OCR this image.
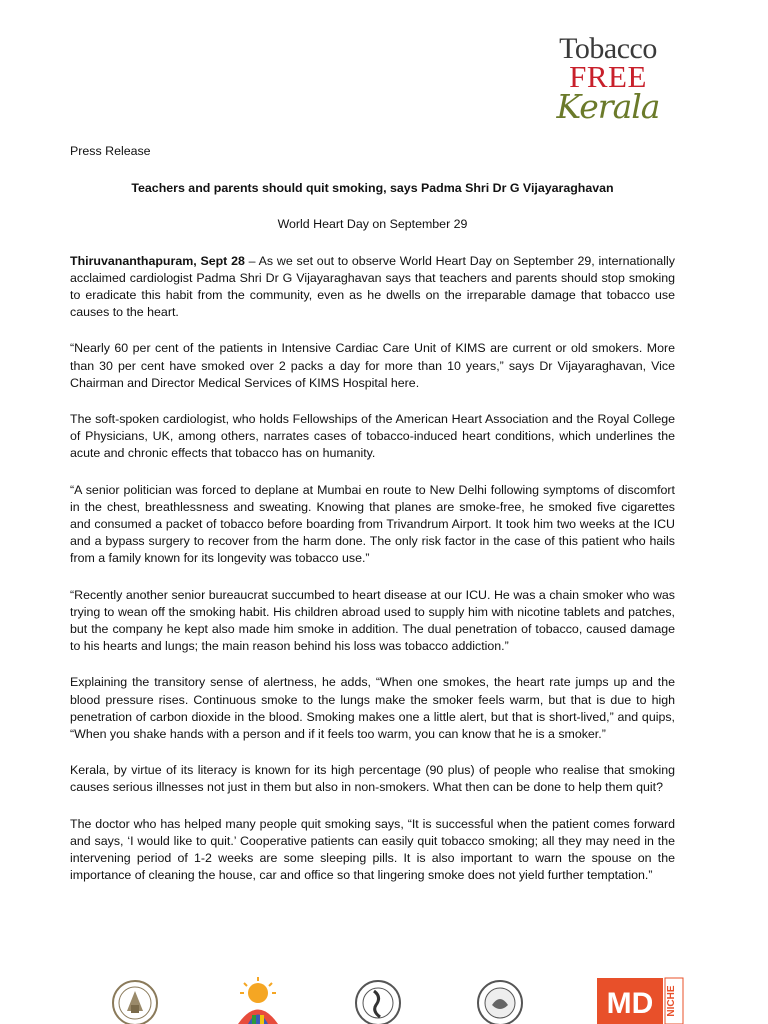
Tobacco
FREE
Kerala

Press Release

Teachers and parents should quit smoking, says Padma Shri Dr G Vijayaraghavan

World Heart Day on September 29

Thiruvananthapuram, Sept 28 – As we set out to observe World Heart Day on September 29, internationally acclaimed cardiologist Padma Shri Dr G Vijayaraghavan says that teachers and parents should stop smoking to eradicate this habit from the community, even as he dwells on the irreparable damage that tobacco use causes to the heart.

“Nearly 60 per cent of the patients in Intensive Cardiac Care Unit of KIMS are current or old smokers. More than 30 per cent have smoked over 2 packs a day for more than 10 years,” says Dr Vijayaraghavan, Vice Chairman and Director Medical Services of KIMS Hospital here.

The soft-spoken cardiologist, who holds Fellowships of the American Heart Association and the Royal College of Physicians, UK, among others, narrates cases of tobacco-induced heart conditions, which underlines the acute and chronic effects that tobacco has on humanity.

“A senior politician was forced to deplane at Mumbai en route to New Delhi following symptoms of discomfort in the chest, breathlessness and sweating. Knowing that planes are smoke-free, he smoked five cigarettes and consumed a packet of tobacco before boarding from Trivandrum Airport. It took him two weeks at the ICU and a bypass surgery to recover from the harm done. The only risk factor in the case of this patient who hails from a family known for its longevity was tobacco use.”

“Recently another senior bureaucrat succumbed to heart disease at our ICU. He was a chain smoker who was trying to wean off the smoking habit. His children abroad used to supply him with nicotine tablets and patches, but the company he kept also made him smoke in addition. The dual penetration of tobacco, caused damage to his hearts and lungs; the main reason behind his loss was tobacco addiction.”

Explaining the transitory sense of alertness, he adds, “When one smokes, the heart rate jumps up and the blood pressure rises. Continuous smoke to the lungs make the smoker feels warm, but that is due to high penetration of carbon dioxide in the blood. Smoking makes one a little alert, but that is short-lived,” and quips, “When you shake hands with a person and if it feels too warm, you can know that he is a smoker.”

Kerala, by virtue of its literacy is known for its high percentage (90 plus) of people who realise that smoking causes serious illnesses not just in them but also in non-smokers. What then can be done to help them quit?

The doctor who has helped many people quit smoking says, “It is successful when the patient comes forward and says, ‘I would like to quit.’ Cooperative patients can easily quit tobacco smoking; all they may need in the intervening period of 1-2 weeks are some sleeping pills. It is also important to warn the spouse on the importance of cleaning the house, car and office so that lingering smoke does not yield further temptation.”

MD NICHE
